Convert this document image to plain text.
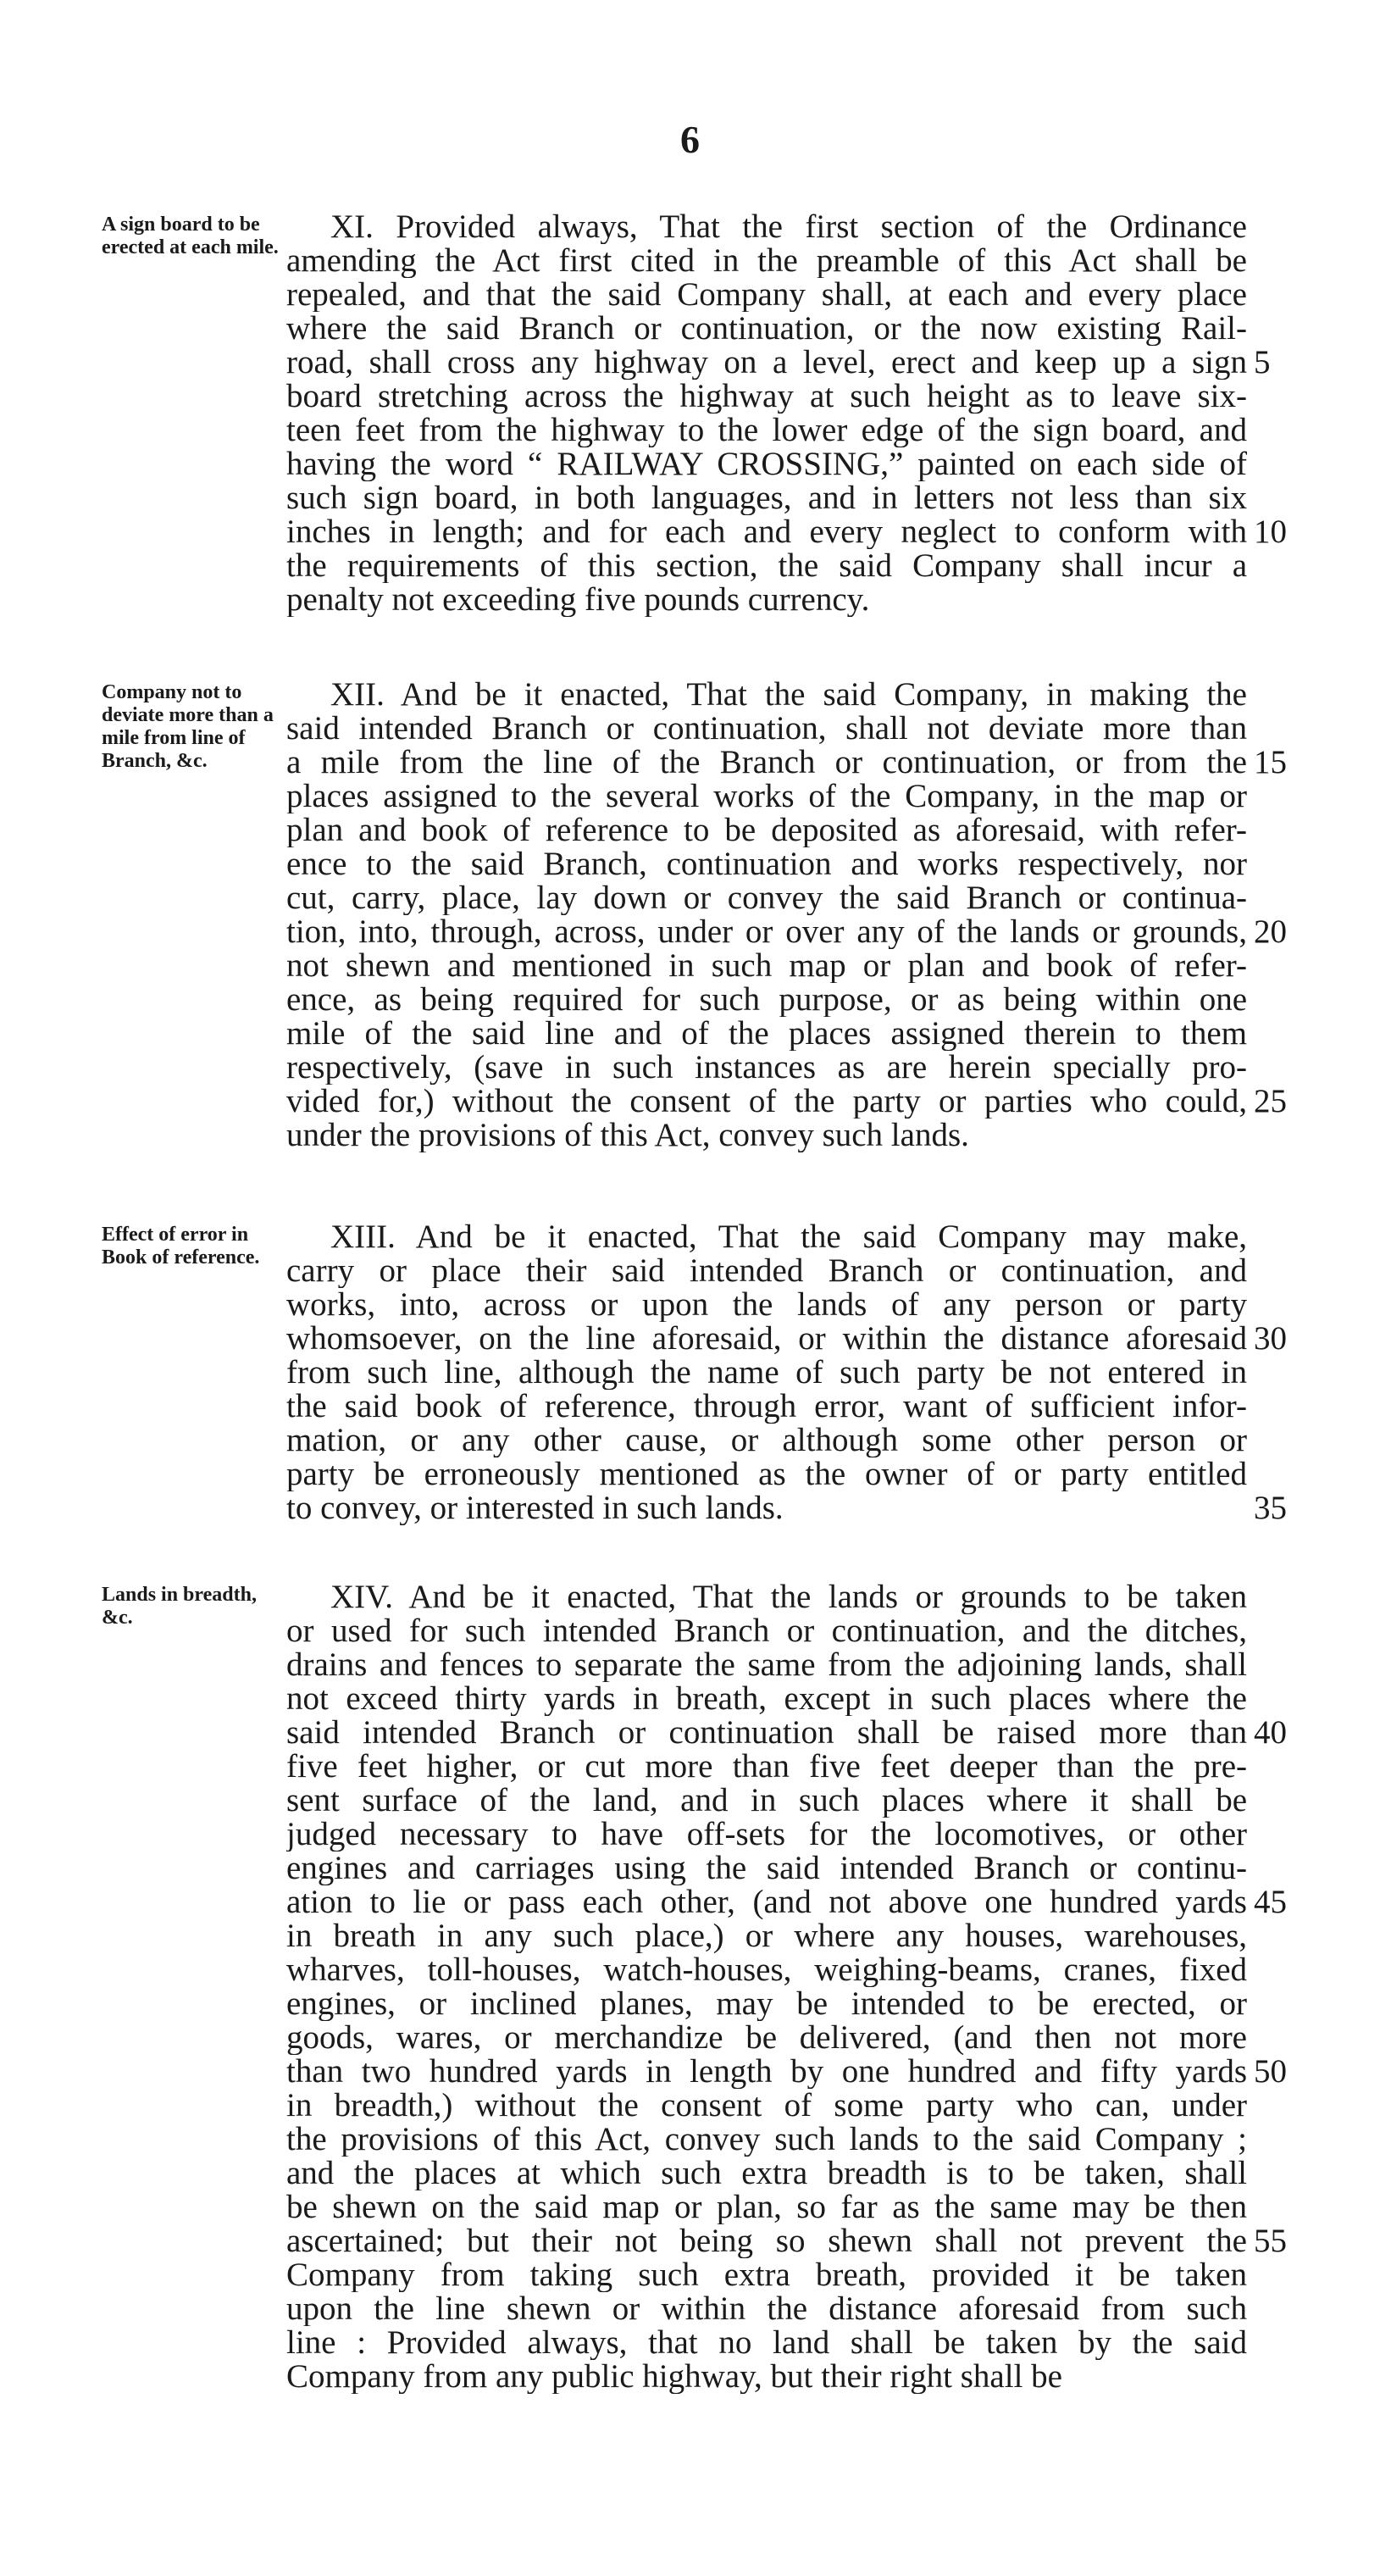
6
A sign board to be erected at each mile.
XI. Provided always, That the first section of the Ordinance
amending the Act first cited in the preamble of this Act shall be
repealed, and that the said Company shall, at each and every place
where the said Branch or continuation, or the now existing Rail-
road, shall cross any highway on a level, erect and keep up a sign 5
board stretching across the highway at such height as to leave six-
teen feet from the highway to the lower edge of the sign board, and
having the word “ RAILWAY CROSSING,” painted on each side of
such sign board, in both languages, and in letters not less than six
inches in length; and for each and every neglect to conform with 10
the requirements of this section, the said Company shall incur a
penalty not exceeding five pounds currency.
Company not to deviate more than a mile from line of Branch, &c.
XII. And be it enacted, That the said Company, in making the
said intended Branch or continuation, shall not deviate more than
a mile from the line of the Branch or continuation, or from the 15
places assigned to the several works of the Company, in the map or
plan and book of reference to be deposited as aforesaid, with refer-
ence to the said Branch, continuation and works respectively, nor
cut, carry, place, lay down or convey the said Branch or continua-
tion, into, through, across, under or over any of the lands or grounds, 20
not shewn and mentioned in such map or plan and book of refer-
ence, as being required for such purpose, or as being within one
mile of the said line and of the places assigned therein to them
respectively, (save in such instances as are herein specially pro-
vided for,) without the consent of the party or parties who could, 25
under the provisions of this Act, convey such lands.
Effect of error in Book of reference.
XIII. And be it enacted, That the said Company may make,
carry or place their said intended Branch or continuation, and
works, into, across or upon the lands of any person or party
whomsoever, on the line aforesaid, or within the distance aforesaid 30
from such line, although the name of such party be not entered in
the said book of reference, through error, want of sufficient infor-
mation, or any other cause, or although some other person or
party be erroneously mentioned as the owner of or party entitled
to convey, or interested in such lands.	35
Lands in breadth, &c.
XIV. And be it enacted, That the lands or grounds to be taken
or used for such intended Branch or continuation, and the ditches,
drains and fences to separate the same from the adjoining lands, shall
not exceed thirty yards in breath, except in such places where the
said intended Branch or continuation shall be raised more than 40
five feet higher, or cut more than five feet deeper than the pre-
sent surface of the land, and in such places where it shall be
judged necessary to have off-sets for the locomotives, or other
engines and carriages using the said intended Branch or continu-
ation to lie or pass each other, (and not above one hundred yards 45
in breath in any such place,) or where any houses, warehouses,
wharves, toll-houses, watch-houses, weighing-beams, cranes, fixed
engines, or inclined planes, may be intended to be erected, or
goods, wares, or merchandize be delivered, (and then not more
than two hundred yards in length by one hundred and fifty yards 50
in breadth,) without the consent of some party who can, under
the provisions of this Act, convey such lands to the said Company ;
and the places at which such extra breadth is to be taken, shall
be shewn on the said map or plan, so far as the same may be then
ascertained; but their not being so shewn shall not prevent the 55
Company from taking such extra breath, provided it be taken
upon the line shewn or within the distance aforesaid from such
line : Provided always, that no land shall be taken by the said
Company from any public highway, but their right shall be
